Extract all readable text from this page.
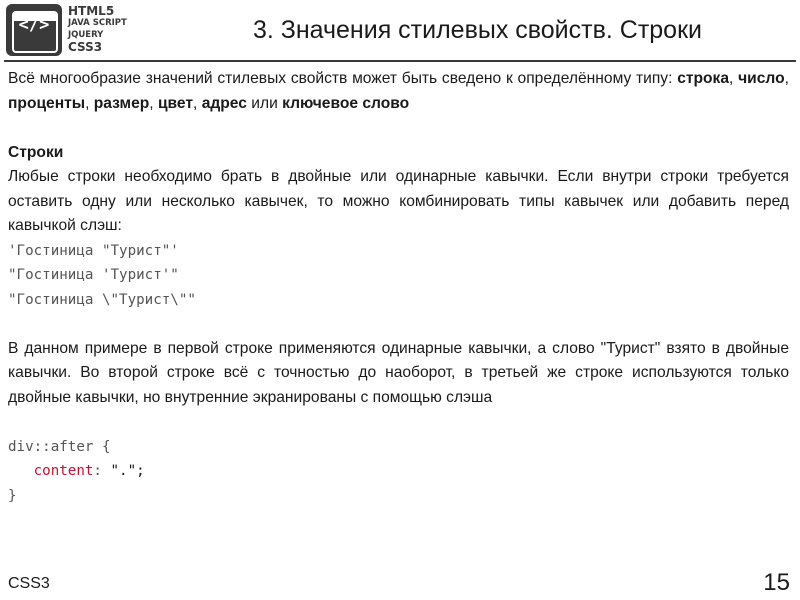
</>
HTML5
JAVA SCRIPT
JQUERY
CSS3
3. Значения стилевых свойств. Строки

Всё многообразие значений стилевых свойств может быть сведено к определённому типу: строка, число, проценты, размер, цвет, адрес или ключевое слово

Строки

Любые строки необходимо брать в двойные или одинарные кавычки. Если внутри строки требуется оставить одну или несколько кавычек, то можно комбинировать типы кавычек или добавить перед кавычкой слэш:

'Гостиница "Турист"'
"Гостиница 'Турист'"
"Гостиница \"Турист\""

В данном примере в первой строке применяются одинарные кавычки, а слово "Турист" взято в двойные кавычки. Во второй строке всё с точностью до наоборот, в третьей же строке используются только двойные кавычки, но внутренние экранированы с помощью слэша

div::after {
content: ".";
}
CSS3	15
